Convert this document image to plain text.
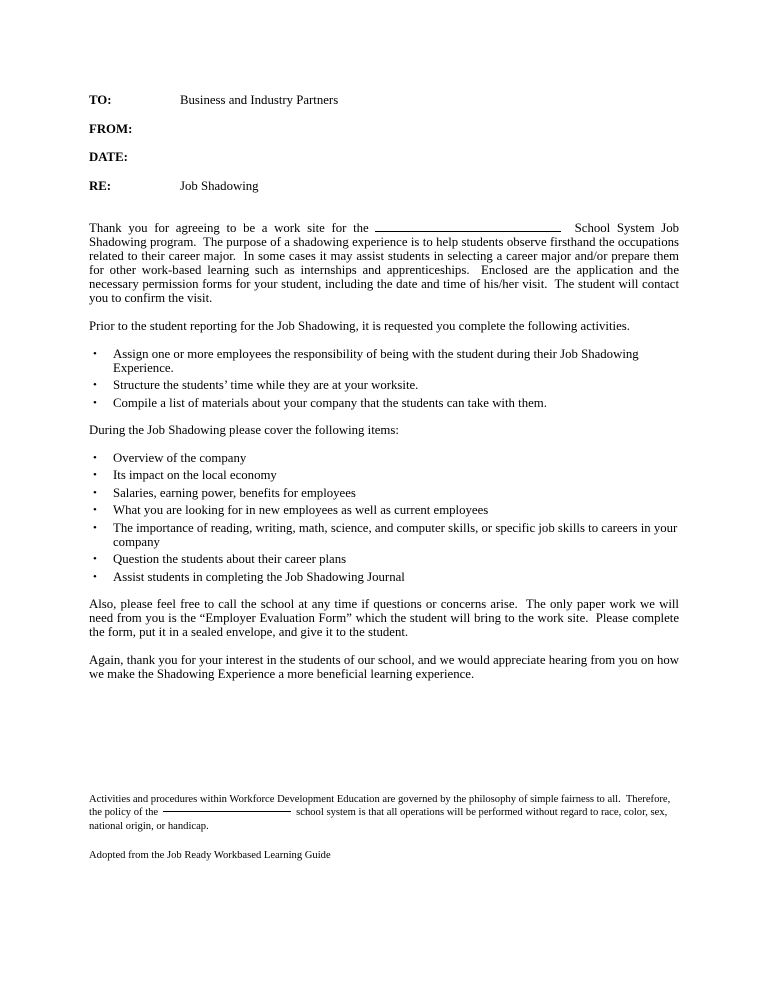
TO:	Business and Industry Partners
FROM:
DATE:
RE:	Job Shadowing

Thank you for agreeing to be a work site for the	School System Job Shadowing program.  The purpose of a shadowing experience is to help students observe firsthand the occupations related to their career major.  In some cases it may assist students in selecting a career major and/or prepare them for other work-based learning such as internships and apprenticeships.  Enclosed are the application and the necessary permission forms for your student, including the date and time of his/her visit.  The student will contact you to confirm the visit.

Prior to the student reporting for the Job Shadowing, it is requested you complete the following activities.

•	Assign one or more employees the responsibility of being with the student during their Job Shadowing Experience.
•	Structure the students’ time while they are at your worksite.
•	Compile a list of materials about your company that the students can take with them.

During the Job Shadowing please cover the following items:

•	Overview of the company
•	Its impact on the local economy
•	Salaries, earning power, benefits for employees
•	What you are looking for in new employees as well as current employees
•	The importance of reading, writing, math, science, and computer skills, or specific job skills to careers in your company
•	Question the students about their career plans
•	Assist students in completing the Job Shadowing Journal

Also, please feel free to call the school at any time if questions or concerns arise.  The only paper work we will need from you is the “Employer Evaluation Form” which the student will bring to the work site.  Please complete the form, put it in a sealed envelope, and give it to the student.

Again, thank you for your interest in the students of our school, and we would appreciate hearing from you on how we make the Shadowing Experience a more beneficial learning experience.

Activities and procedures within Workforce Development Education are governed by the philosophy of simple fairness to all.  Therefore, the policy of the	school system is that all operations will be performed without regard to race, color, sex, national origin, or handicap.

Adopted from the Job Ready Workbased Learning Guide
